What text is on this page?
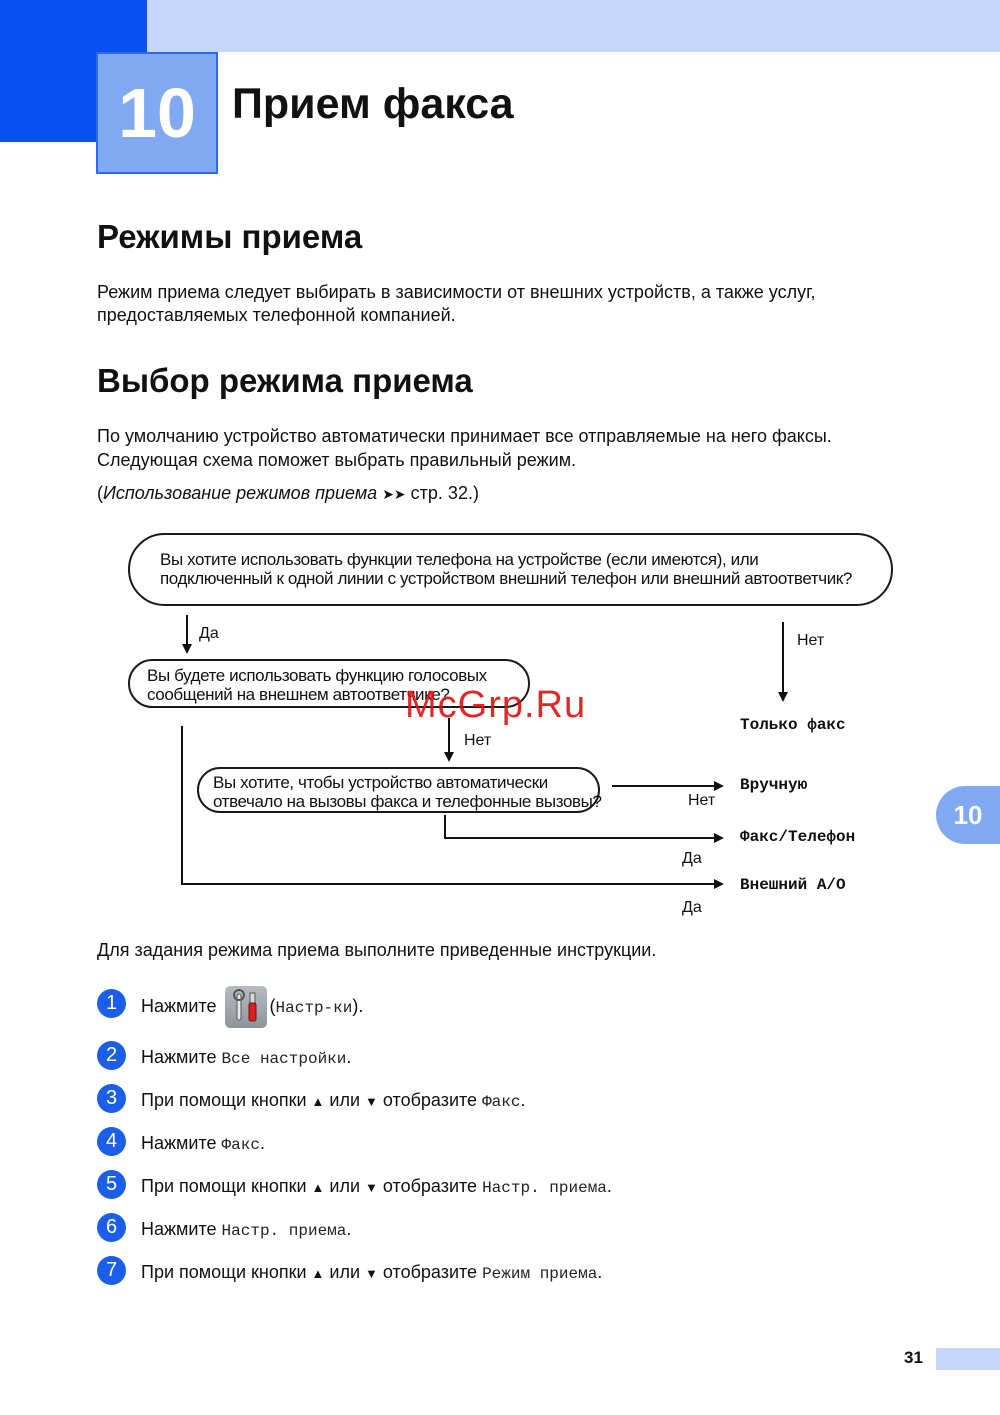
10 Прием факса
Режимы приема
Режим приема следует выбирать в зависимости от внешних устройств, а также услуг,
предоставляемых телефонной компанией.
Выбор режима приема
По умолчанию устройство автоматически принимает все отправляемые на него факсы.
Следующая схема поможет выбрать правильный режим.
(Использование режимов приема ➤➤ стр. 32.)
Вы хотите использовать функции телефона на устройстве (если имеются), или
подключенный к одной линии с устройством внешний телефон или внешний автоответчик?
Вы будете использовать функцию голосовых
сообщений на внешнем автоответчике?
Вы хотите, чтобы устройство автоматически
отвечало на вызовы факса и телефонные вызовы?
Да	Нет
Нет
Нет
Да
Да
Только факс
Вручную
Факс/Телефон
Внешний А/О
McGrp.Ru
10
Для задания режима приема выполните приведенные инструкции.
1	Нажмите	(Настр-ки).
2	Нажмите Все настройки.
3	При помощи кнопки ▲ или ▼ отобразите Факс.
4	Нажмите Факс.
5	При помощи кнопки ▲ или ▼ отобразите Настр. приема.
6	Нажмите Настр. приема.
7	При помощи кнопки ▲ или ▼ отобразите Режим приема.
31
